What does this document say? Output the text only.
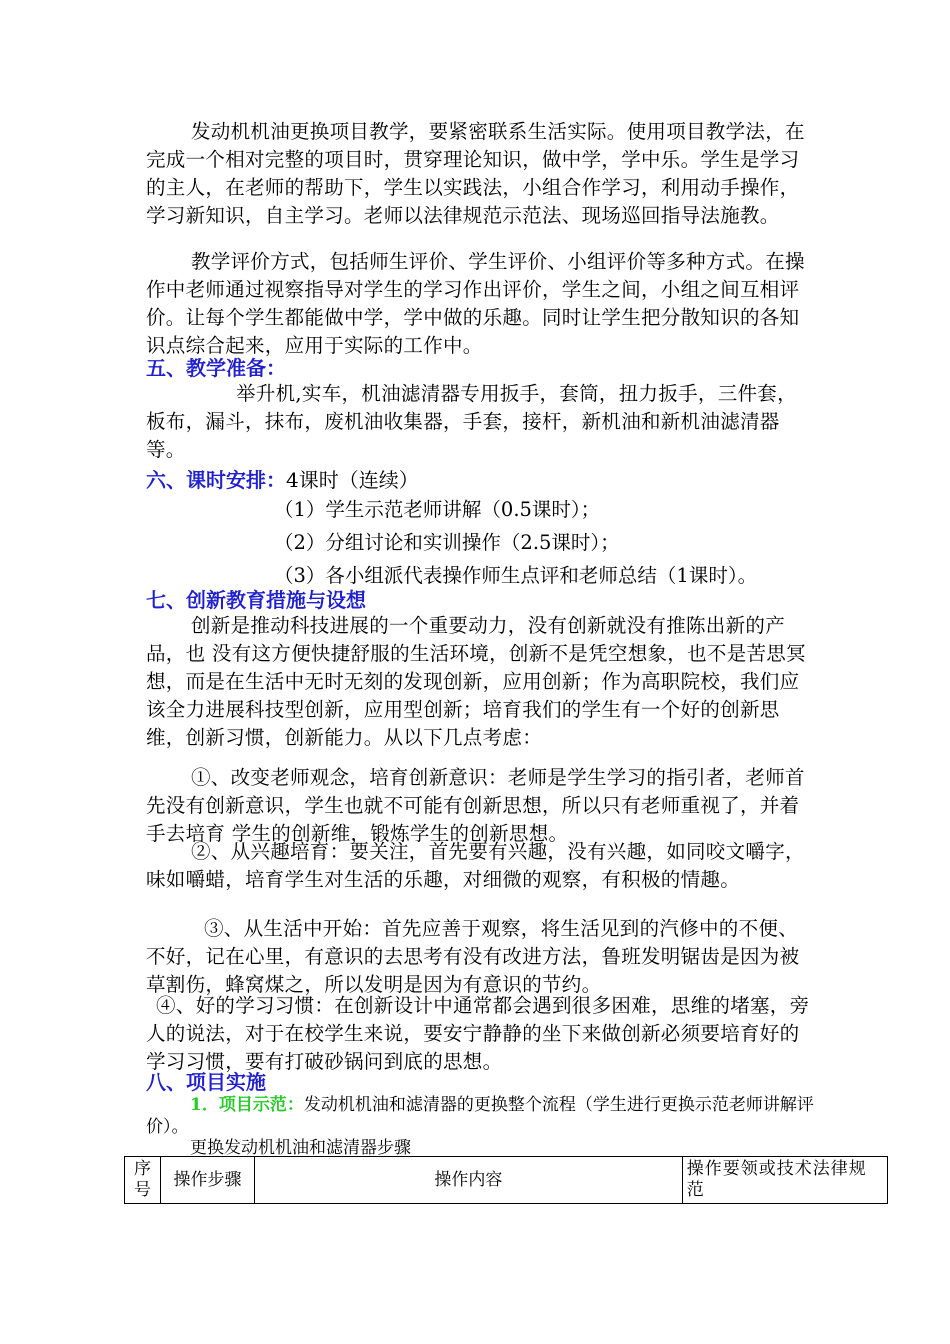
发动机机油更换项目教学，要紧密联系生活实际。使用项目教学法，在完成一个相对完整的项目时，贯穿理论知识，做中学，学中乐。学生是学习的主人，在老师的帮助下，学生以实践法，小组合作学习，利用动手操作，学习新知识，自主学习。老师以法律规范示范法、现场巡回指导法施教。

教学评价方式，包括师生评价、学生评价、小组评价等多种方式。在操作中老师通过视察指导对学生的学习作出评价，学生之间，小组之间互相评价。让每个学生都能做中学，学中做的乐趣。同时让学生把分散知识的各知识点综合起来，应用于实际的工作中。

五、教学准备：

举升机,实车，机油滤清器专用扳手，套筒，扭力扳手，三件套，板布，漏斗，抹布，废机油收集器，手套，接杆，新机油和新机油滤清器等。

六、课时安排：4课时（连续）
（1）学生示范老师讲解（0.5课时）；
（2）分组讨论和实训操作（2.5课时）；
（3）各小组派代表操作师生点评和老师总结（1课时）。
七、创新教育措施与设想

创新是推动科技进展的一个重要动力，没有创新就没有推陈出新的产品，也 没有这方便快捷舒服的生活环境，创新不是凭空想象，也不是苦思冥想，而是在生活中无时无刻的发现创新，应用创新；作为高职院校，我们应该全力进展科技型创新，应用型创新；培育我们的学生有一个好的创新思维，创新习惯，创新能力。从以下几点考虑：

①、改变老师观念，培育创新意识：老师是学生学习的指引者，老师首先没有创新意识，学生也就不可能有创新思想，所以只有老师重视了，并着手去培育 学生的创新维，锻炼学生的创新思想。

②、从兴趣培育：要关注，首先要有兴趣，没有兴趣，如同咬文嚼字，味如嚼蜡，培育学生对生活的乐趣，对细微的观察，有积极的情趣。

③、从生活中开始：首先应善于观察，将生活见到的汽修中的不便、不好，记在心里，有意识的去思考有没有改进方法，鲁班发明锯齿是因为被草割伤，蜂窝煤之，所以发明是因为有意识的节约。

④、好的学习习惯：在创新设计中通常都会遇到很多困难，思维的堵塞，旁人的说法，对于在校学生来说，要安宁静静的坐下来做创新必须要培育好的学习习惯，要有打破砂锅问到底的思想。

八、项目实施
1．项目示范：发动机机油和滤清器的更换整个流程（学生进行更换示范老师讲解评价）。
更换发动机机油和滤清器步骤
序号	操作步骤	操作内容	操作要领或技术法律规范
